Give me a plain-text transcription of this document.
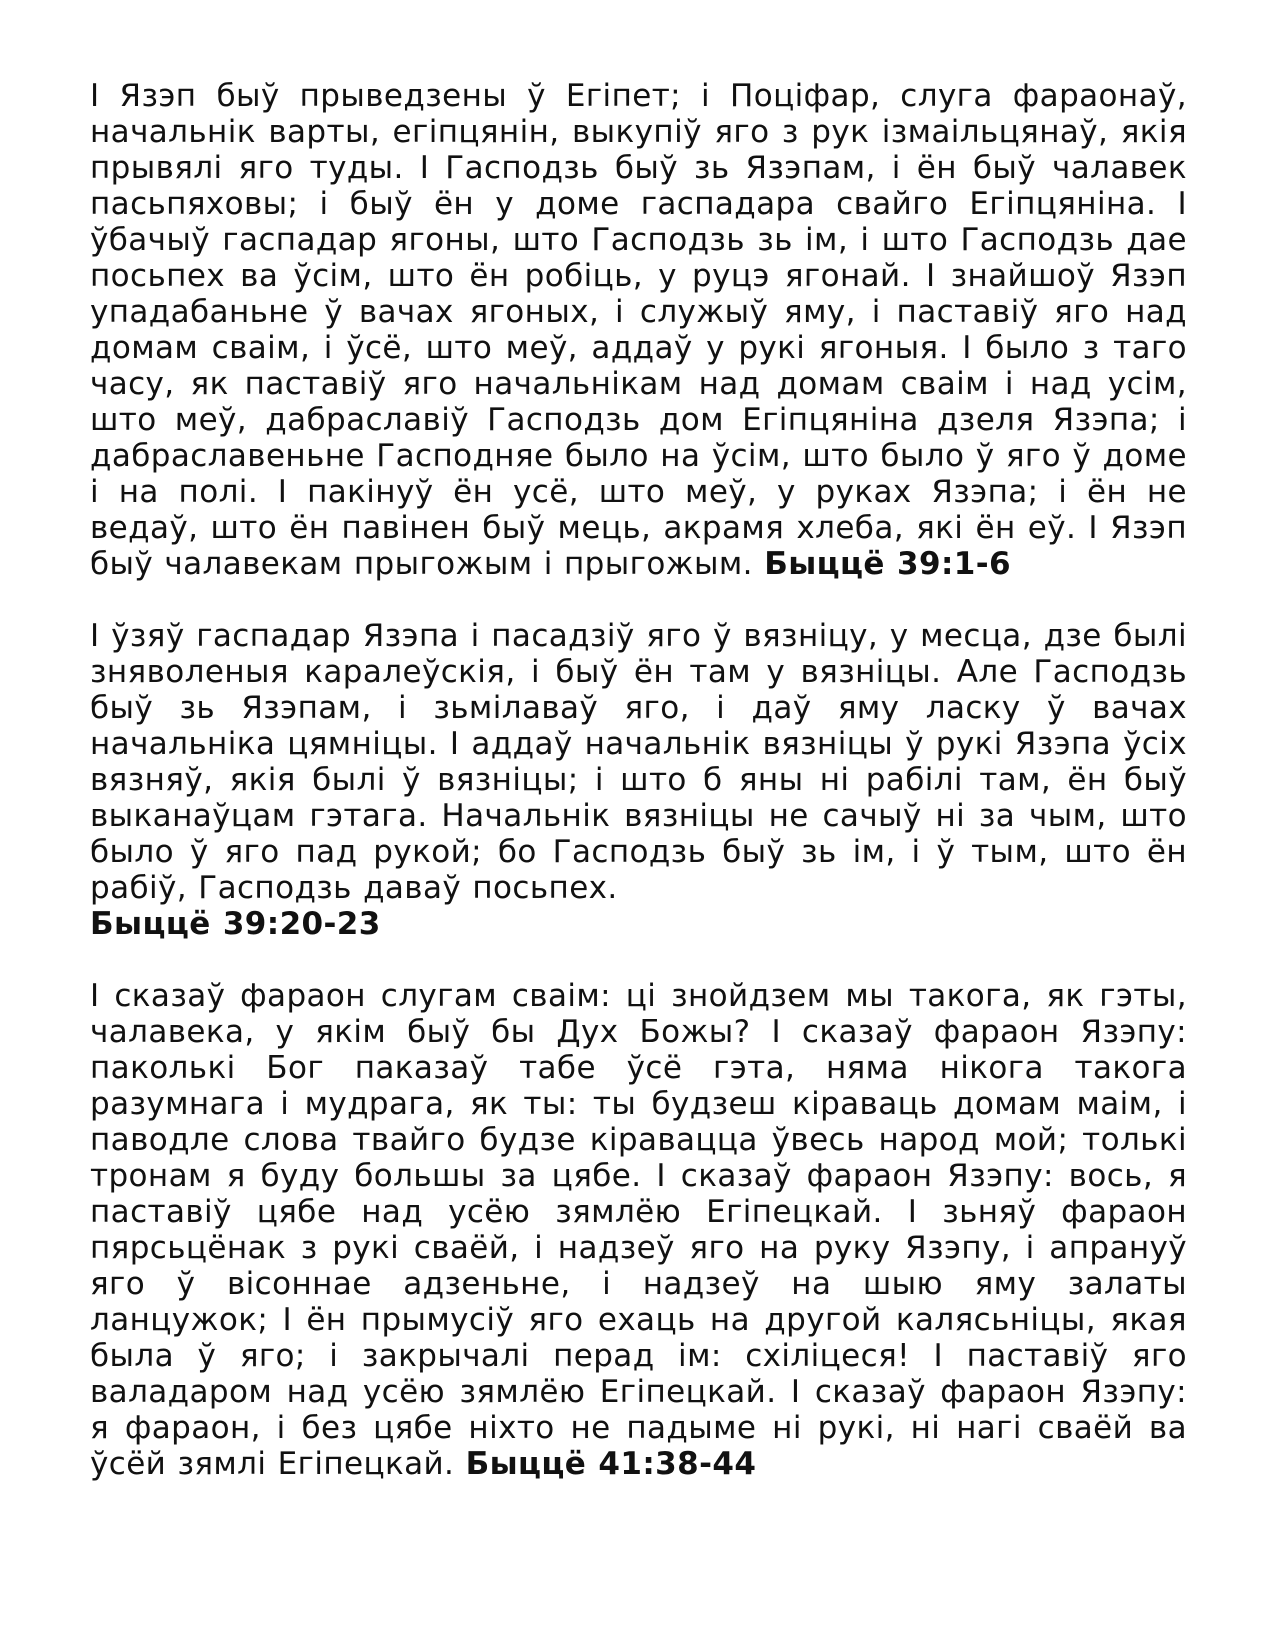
І Язэп быў прыведзены ў Егіпет; і Поціфар, слуга фараонаў, начальнік варты, егіпцянін, выкупіў яго з рук ізмаільцянаў, якія прывялі яго туды. І Гасподзь быў зь Язэпам, і ён быў чалавек пасьпяховы; і быў ён у доме гаспадара свайго Егіпцяніна. І ўбачыў гаспадар ягоны, што Гасподзь зь ім, і што Гасподзь дае посьпех ва ўсім, што ён робіць, у руцэ ягонай. І знайшоў Язэп упадабаньне ў вачах ягоных, і служыў яму, і паставіў яго над домам сваім, і ўсё, што меў, аддаў у рукі ягоныя. І было з таго часу, як паставіў яго начальнікам над домам сваім і над усім, што меў, дабраславіў Гасподзь дом Егіпцяніна дзеля Язэпа; і дабраславеньне Гасподняе было на ўсім, што было ў яго ў доме і на полі. І пакінуў ён усё, што меў, у руках Язэпа; і ён не ведаў, што ён павінен быў мець, акрамя хлеба, які ён еў. І Язэп быў чалавекам прыгожым і прыгожым. Быццё 39:1-6

І ўзяў гаспадар Язэпа і пасадзіў яго ў вязніцу, у месца, дзе былі зняволеныя каралеўскія, і быў ён там у вязніцы. Але Гасподзь быў зь Язэпам, і зьмілаваў яго, і даў яму ласку ў вачах начальніка цямніцы. І аддаў начальнік вязніцы ў рукі Язэпа ўсіх вязняў, якія былі ў вязніцы; і што б яны ні рабілі там, ён быў выканаўцам гэтага. Начальнік вязніцы не сачыў ні за чым, што было ў яго пад рукой; бо Гасподзь быў зь ім, і ў тым, што ён рабіў, Гасподзь даваў посьпех.
Быццё 39:20-23

І сказаў фараон слугам сваім: ці знойдзем мы такога, як гэты, чалавека, у якім быў бы Дух Божы? І сказаў фараон Язэпу: паколькі Бог паказаў табе ўсё гэта, няма нікога такога разумнага і мудрага, як ты: ты будзеш кіраваць домам маім, і паводле слова твайго будзе кіравацца ўвесь народ мой; толькі тронам я буду большы за цябе. І сказаў фараон Язэпу: вось, я паставіў цябе над усёю зямлёю Егіпецкай. І зьняў фараон пярсьцёнак з рукі сваёй, і надзеў яго на руку Язэпу, і апрануў яго ў вісоннае адзеньне, і надзеў на шыю яму залаты ланцужок; І ён прымусіў яго ехаць на другой калясьніцы, якая была ў яго; і закрычалі перад ім: схіліцеся! І паставіў яго валадаром над усёю зямлёю Егіпецкай. І сказаў фараон Язэпу: я фараон, і без цябе ніхто не падыме ні рукі, ні нагі сваёй ва ўсёй зямлі Егіпецкай. Быццё 41:38-44
